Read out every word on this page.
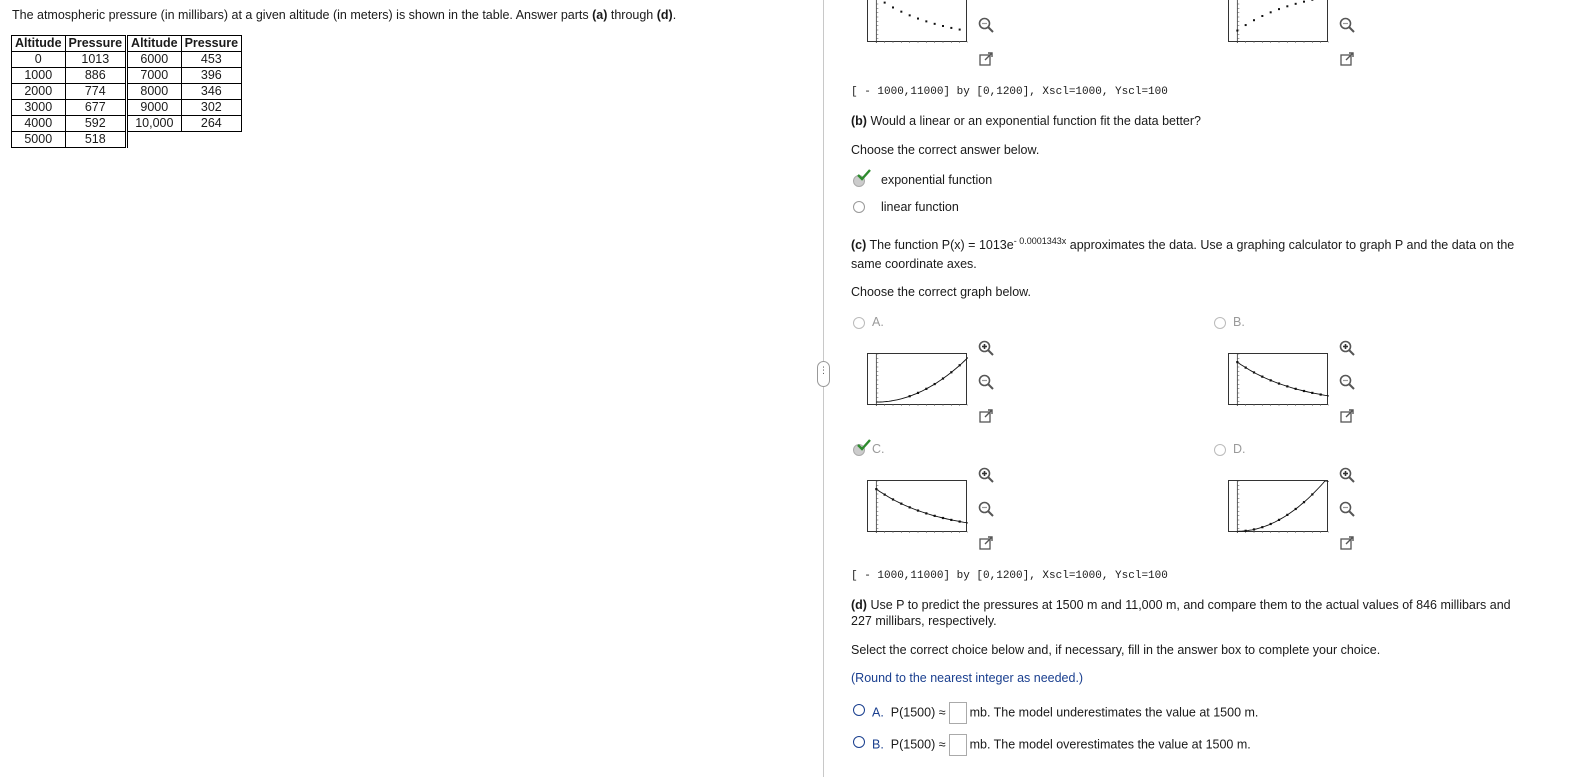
The atmospheric pressure (in millibars) at a given altitude (in meters) is shown in the table. Answer parts (a) through (d).
Altitude	Pressure	Altitude	Pressure
0	1013	6000	453
1000	886	7000	396
2000	774	8000	346
3000	677	9000	302
4000	592	10,000	264
5000	518		
⋮
[ - 1000,11000] by [0,1200], Xscl=1000, Yscl=100
(b) Would a linear or an exponential function fit the data better?
Choose the correct answer below.
exponential function
linear function
(c) The function $P(x) = 1013e^{- 0.0001343x}$ approximates the data. Use a graphing calculator to graph P and the data on the
same coordinate axes.
Choose the correct graph below.
A.	B.
C.	D.
[ - 1000,11000] by [0,1200], Xscl=1000, Yscl=100
(d) Use P to predict the pressures at 1500 m and 11,000 m, and compare them to the actual values of 846 millibars and
227 millibars, respectively.
Select the correct choice below and, if necessary, fill in the answer box to complete your choice.
(Round to the nearest integer as needed.)
A. P(1500) ≈ mb. The model underestimates the value at 1500 m.
B. P(1500) ≈ mb. The model overestimates the value at 1500 m.
